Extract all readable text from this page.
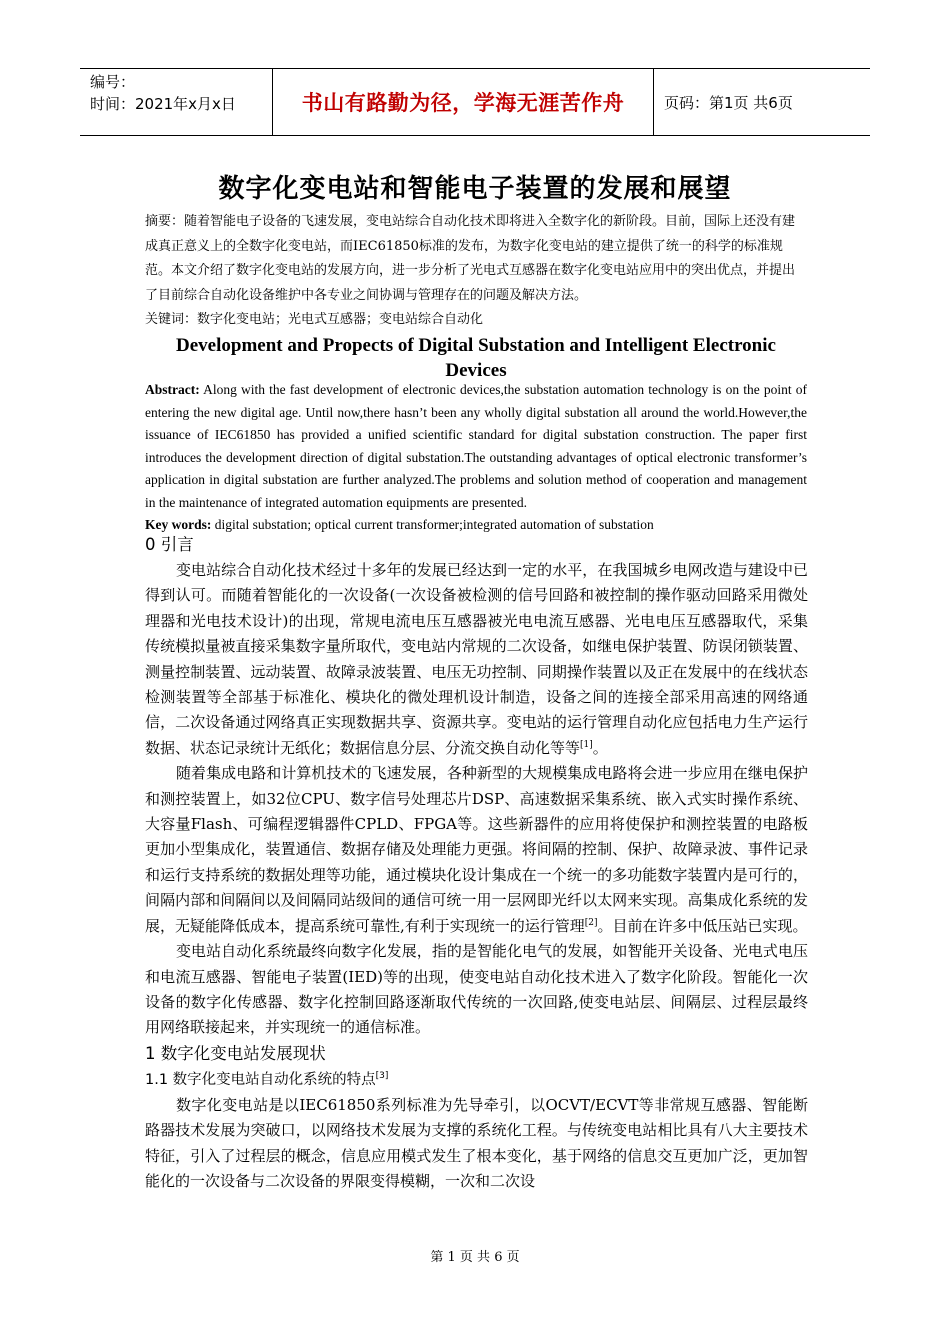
编号：
时间：2021年x月x日	书山有路勤为径，学海无涯苦作舟	页码：第1页 共6页
数字化变电站和智能电子装置的发展和展望
摘要：随着智能电子设备的飞速发展，变电站综合自动化技术即将进入全数字化的新阶段。目前，国际上还没有建成真正意义上的全数字化变电站，而IEC61850标准的发布，为数字化变电站的建立提供了统一的科学的标准规范。本文介绍了数字化变电站的发展方向，进一步分析了光电式互感器在数字化变电站应用中的突出优点，并提出了目前综合自动化设备维护中各专业之间协调与管理存在的问题及解决方法。
关键词：数字化变电站；光电式互感器；变电站综合自动化
Development and Propects of Digital Substation and Intelligent Electronic Devices
Abstract: Along with the fast development of electronic devices,the substation automation technology is on the point of entering the new digital age. Until now,there hasn’t been any wholly digital substation all around the world.However,the issuance of IEC61850 has provided a unified scientific standard for digital substation construction. The paper first introduces the development direction of digital substation.The outstanding advantages of optical electronic transformer’s application in digital substation are further analyzed.The problems and solution method of cooperation and management in the maintenance of integrated automation equipments are presented.
Key words: digital substation; optical current transformer;integrated automation of substation
0 引言

变电站综合自动化技术经过十多年的发展已经达到一定的水平，在我国城乡电网改造与建设中已得到认可。而随着智能化的一次设备(一次设备被检测的信号回路和被控制的操作驱动回路采用微处理器和光电技术设计)的出现，常规电流电压互感器被光电电流互感器、光电电压互感器取代，采集传统模拟量被直接采集数字量所取代，变电站内常规的二次设备，如继电保护装置、防误闭锁装置、测量控制装置、远动装置、故障录波装置、电压无功控制、同期操作装置以及正在发展中的在线状态检测装置等全部基于标准化、模块化的微处理机设计制造，设备之间的连接全部采用高速的网络通信，二次设备通过网络真正实现数据共享、资源共享。变电站的运行管理自动化应包括电力生产运行数据、状态记录统计无纸化；数据信息分层、分流交换自动化等等[1]。

随着集成电路和计算机技术的飞速发展，各种新型的大规模集成电路将会进一步应用在继电保护和测控装置上，如32位CPU、数字信号处理芯片DSP、高速数据采集系统、嵌入式实时操作系统、大容量Flash、可编程逻辑器件CPLD、FPGA等。这些新器件的应用将使保护和测控装置的电路板更加小型集成化，装置通信、数据存储及处理能力更强。将间隔的控制、保护、故障录波、事件记录和运行支持系统的数据处理等功能，通过模块化设计集成在一个统一的多功能数字装置内是可行的，间隔内部和间隔间以及间隔同站级间的通信可统一用一层网即光纤以太网来实现。高集成化系统的发展，无疑能降低成本，提高系统可靠性,有利于实现统一的运行管理[2]。目前在许多中低压站已实现。

变电站自动化系统最终向数字化发展，指的是智能化电气的发展，如智能开关设备、光电式电压和电流互感器、智能电子装置(IED)等的出现，使变电站自动化技术进入了数字化阶段。智能化一次设备的数字化传感器、数字化控制回路逐渐取代传统的一次回路,使变电站层、间隔层、过程层最终用网络联接起来，并实现统一的通信标准。

1 数字化变电站发展现状
1.1 数字化变电站自动化系统的特点[3]

数字化变电站是以IEC61850系列标准为先导牵引，以OCVT/ECVT等非常规互感器、智能断路器技术发展为突破口，以网络技术发展为支撑的系统化工程。与传统变电站相比具有八大主要技术特征，引入了过程层的概念，信息应用模式发生了根本变化，基于网络的信息交互更加广泛，更加智能化的一次设备与二次设备的界限变得模糊，一次和二次设

第 1 页 共 6 页
